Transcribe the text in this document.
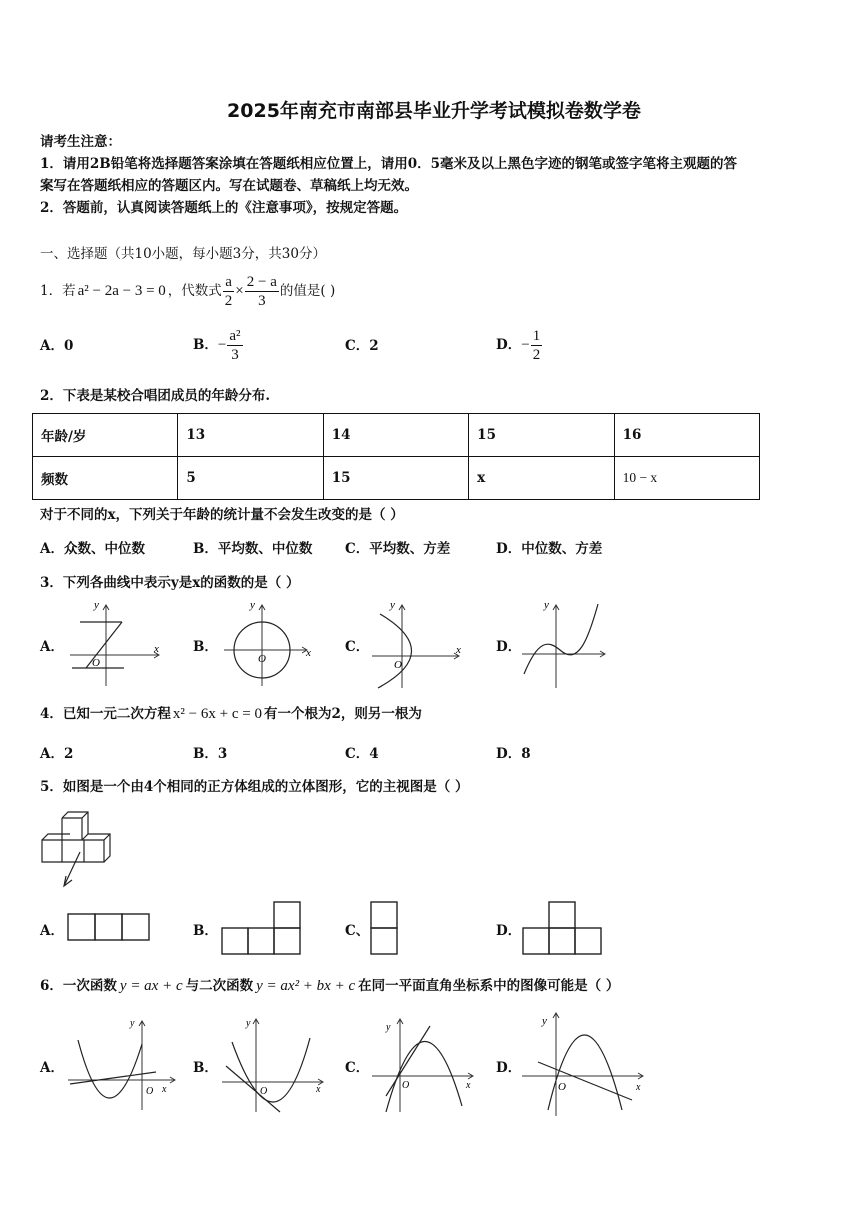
2025年南充市南部县毕业升学考试模拟卷数学卷
请考生注意：
1．请用2B铅笔将选择题答案涂填在答题纸相应位置上，请用0．5毫米及以上黑色字迹的钢笔或签字笔将主观题的答
案写在答题纸相应的答题区内。写在试题卷、草稿纸上均无效。
2．答题前，认真阅读答题纸上的《注意事项》，按规定答题。
一、选择题（共10小题，每小题3分，共30分）
1．若 a² − 2a − 3 = 0 ，代数式 $\frac{a}{2} \times \frac{2 - a}{3}$ 的值是( )
A．0	B． − $\frac{\text{a²}}{3}$	C．2	D． − $\frac{1}{2}$
2．下表是某校合唱团成员的年龄分布.
年龄/岁	13	14	15	16
频数	5	15	x	10 − x
对于不同的x，下列关于年龄的统计量不会发生改变的是（ ）
A．众数、中位数	B．平均数、中位数 C．平均数、方差	D．中位数、方差
3．下列各曲线中表示y是x的函数的是（ ）
A．
y
x
O
B．
y
x
O
C．
y
x
O
D．
y
4．已知一元二次方程 x² − 6x + c = 0 有一个根为2，则另一根为
A．2	B．3	C．4	D．8
5．如图是一个由4个相同的正方体组成的立体图形，它的主视图是（ ）
A．	B．	C、	D．
6．一次函数 y = ax + c 与二次函数 y = ax² + bx + c 在同一平面直角坐标系中的图像可能是（ ）
A．
y
x
O
B．
y
x
O
C．
y
x
O
D．
y
x
O
